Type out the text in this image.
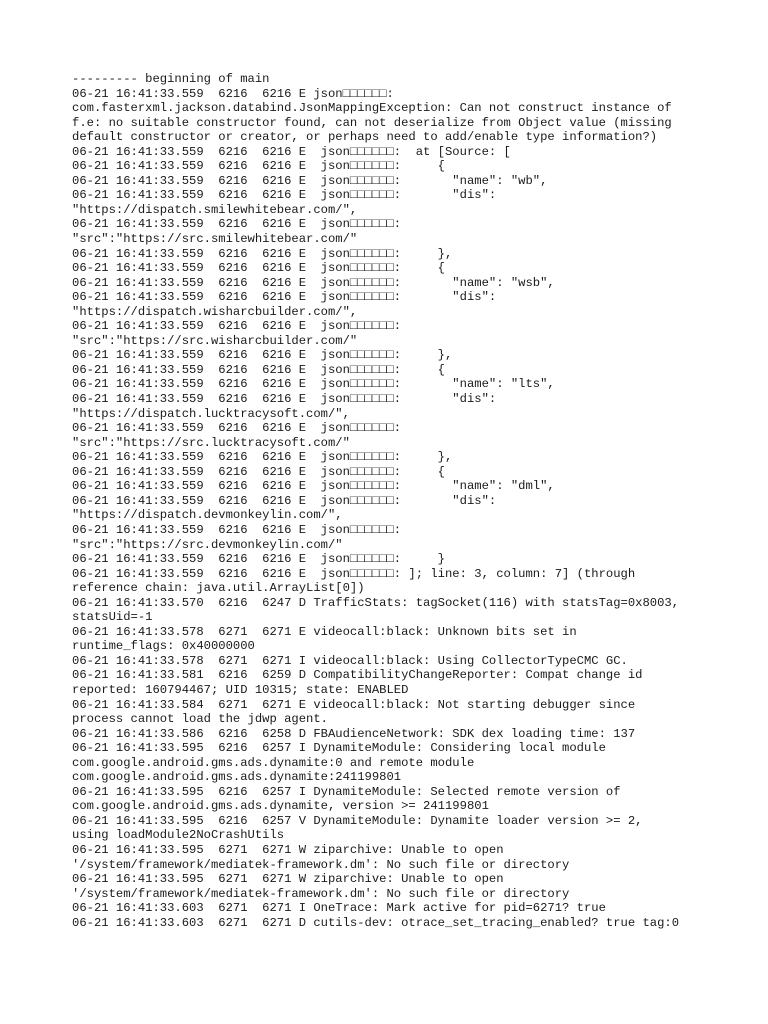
--------- beginning of main
06-21 16:41:33.559  6216  6216 E json□□□□□□:
com.fasterxml.jackson.databind.JsonMappingException: Can not construct instance of
f.e: no suitable constructor found, can not deserialize from Object value (missing
default constructor or creator, or perhaps need to add/enable type information?)
06-21 16:41:33.559  6216  6216 E  json□□□□□□:  at [Source: [
06-21 16:41:33.559  6216  6216 E  json□□□□□□:     {
06-21 16:41:33.559  6216  6216 E  json□□□□□□:       "name": "wb",
06-21 16:41:33.559  6216  6216 E  json□□□□□□:       "dis":
"https://dispatch.smilewhitebear.com/",
06-21 16:41:33.559  6216  6216 E  json□□□□□□:
"src":"https://src.smilewhitebear.com/"
06-21 16:41:33.559  6216  6216 E  json□□□□□□:     },
06-21 16:41:33.559  6216  6216 E  json□□□□□□:     {
06-21 16:41:33.559  6216  6216 E  json□□□□□□:       "name": "wsb",
06-21 16:41:33.559  6216  6216 E  json□□□□□□:       "dis":
"https://dispatch.wisharcbuilder.com/",
06-21 16:41:33.559  6216  6216 E  json□□□□□□:
"src":"https://src.wisharcbuilder.com/"
06-21 16:41:33.559  6216  6216 E  json□□□□□□:     },
06-21 16:41:33.559  6216  6216 E  json□□□□□□:     {
06-21 16:41:33.559  6216  6216 E  json□□□□□□:       "name": "lts",
06-21 16:41:33.559  6216  6216 E  json□□□□□□:       "dis":
"https://dispatch.lucktracysoft.com/",
06-21 16:41:33.559  6216  6216 E  json□□□□□□:
"src":"https://src.lucktracysoft.com/"
06-21 16:41:33.559  6216  6216 E  json□□□□□□:     },
06-21 16:41:33.559  6216  6216 E  json□□□□□□:     {
06-21 16:41:33.559  6216  6216 E  json□□□□□□:       "name": "dml",
06-21 16:41:33.559  6216  6216 E  json□□□□□□:       "dis":
"https://dispatch.devmonkeylin.com/",
06-21 16:41:33.559  6216  6216 E  json□□□□□□:
"src":"https://src.devmonkeylin.com/"
06-21 16:41:33.559  6216  6216 E  json□□□□□□:     }
06-21 16:41:33.559  6216  6216 E  json□□□□□□: ]; line: 3, column: 7] (through
reference chain: java.util.ArrayList[0])
06-21 16:41:33.570  6216  6247 D TrafficStats: tagSocket(116) with statsTag=0x8003,
statsUid=-1
06-21 16:41:33.578  6271  6271 E videocall:black: Unknown bits set in
runtime_flags: 0x40000000
06-21 16:41:33.578  6271  6271 I videocall:black: Using CollectorTypeCMC GC.
06-21 16:41:33.581  6216  6259 D CompatibilityChangeReporter: Compat change id
reported: 160794467; UID 10315; state: ENABLED
06-21 16:41:33.584  6271  6271 E videocall:black: Not starting debugger since
process cannot load the jdwp agent.
06-21 16:41:33.586  6216  6258 D FBAudienceNetwork: SDK dex loading time: 137
06-21 16:41:33.595  6216  6257 I DynamiteModule: Considering local module
com.google.android.gms.ads.dynamite:0 and remote module
com.google.android.gms.ads.dynamite:241199801
06-21 16:41:33.595  6216  6257 I DynamiteModule: Selected remote version of
com.google.android.gms.ads.dynamite, version >= 241199801
06-21 16:41:33.595  6216  6257 V DynamiteModule: Dynamite loader version >= 2,
using loadModule2NoCrashUtils
06-21 16:41:33.595  6271  6271 W ziparchive: Unable to open
'/system/framework/mediatek-framework.dm': No such file or directory
06-21 16:41:33.595  6271  6271 W ziparchive: Unable to open
'/system/framework/mediatek-framework.dm': No such file or directory
06-21 16:41:33.603  6271  6271 I OneTrace: Mark active for pid=6271? true
06-21 16:41:33.603  6271  6271 D cutils-dev: otrace_set_tracing_enabled? true tag:0
